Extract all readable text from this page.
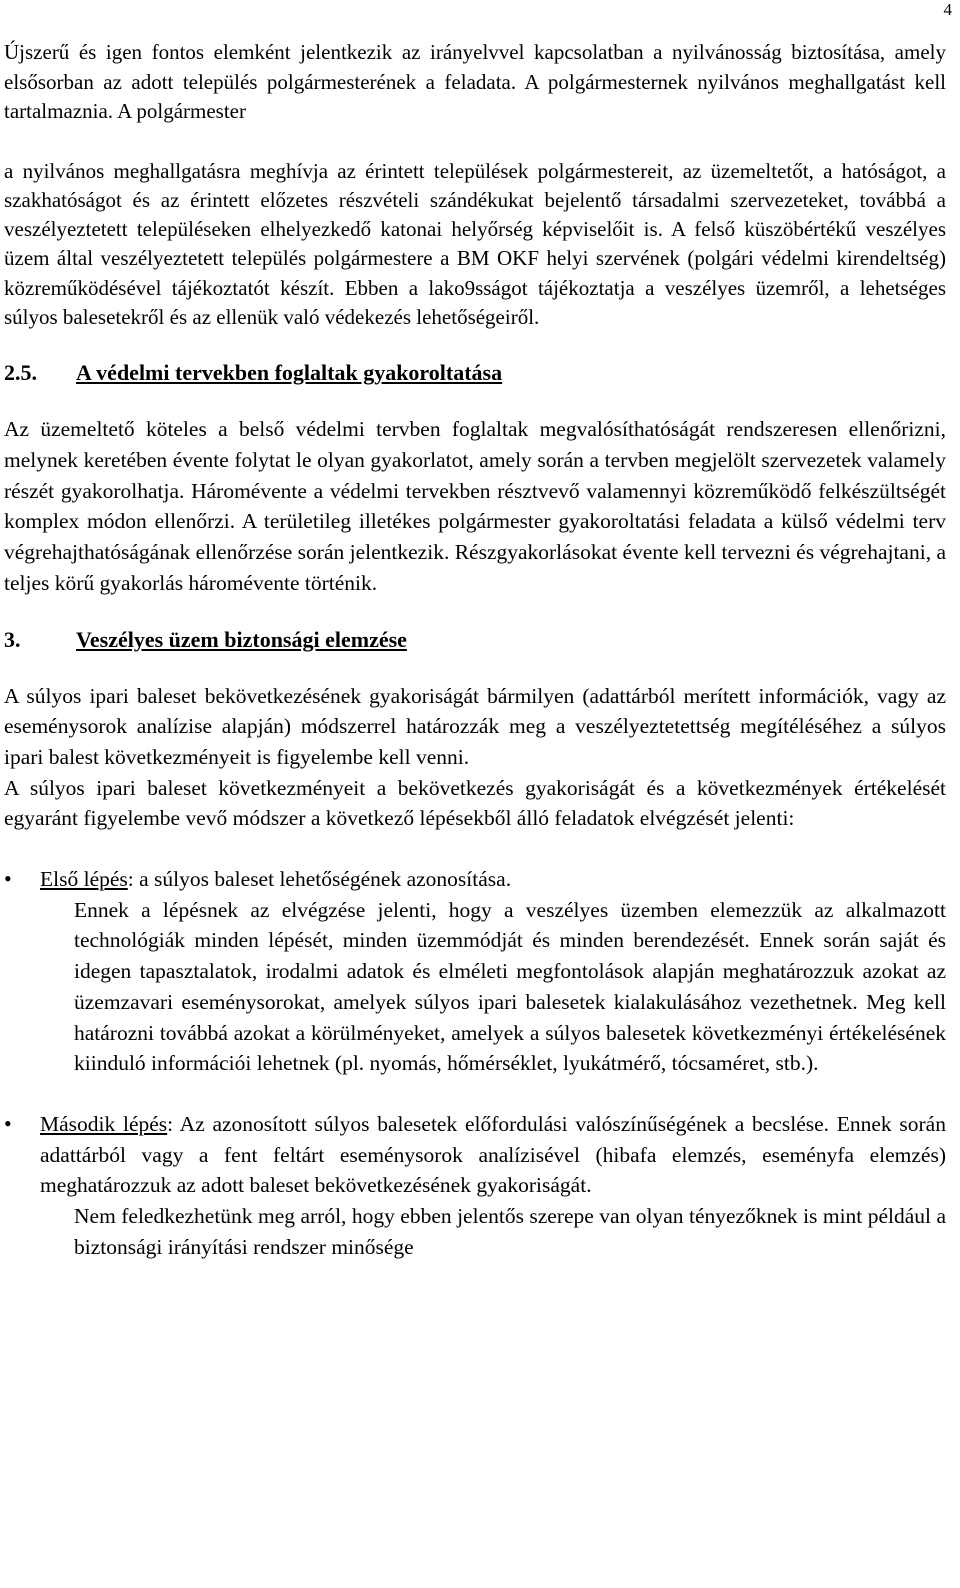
4

Újszerű és igen fontos elemként jelentkezik az irányelvvel kapcsolatban a nyilvánosság biztosítása, amely elsősorban az adott település polgármesterének a feladata. A polgármesternek nyilvános meghallgatást kell tartalmaznia. A polgármester

a nyilvános meghallgatásra meghívja az érintett települések polgármestereit, az üzemeltetőt, a hatóságot, a szakhatóságot és az érintett előzetes részvételi szándékukat bejelentő társadalmi szervezeteket, továbbá a veszélyeztetett településeken elhelyezkedő katonai helyőrség képviselőit is. A felső küszöbértékű veszélyes üzem által veszélyeztetett település polgármestere a BM OKF helyi szervének (polgári védelmi kirendeltség) közreműködésével tájékoztatót készít. Ebben a lako9sságot tájékoztatja a veszélyes üzemről, a lehetséges súlyos balesetekről és az ellenük való védekezés lehetőségeiről.

2.5.	A védelmi tervekben foglaltak gyakoroltatása

Az üzemeltető köteles a belső védelmi tervben foglaltak megvalósíthatóságát rendszeresen ellenőrizni, melynek keretében évente folytat le olyan gyakorlatot, amely során a tervben megjelölt szervezetek valamely részét gyakorolhatja. Háromévente a védelmi tervekben résztvevő valamennyi közreműködő felkészültségét komplex módon ellenőrzi. A területileg illetékes polgármester gyakoroltatási feladata a külső védelmi terv végrehajthatóságának ellenőrzése során jelentkezik. Részgyakorlásokat évente kell tervezni és végrehajtani, a teljes körű gyakorlás háromévente történik.

3.	Veszélyes üzem biztonsági elemzése

A súlyos ipari baleset bekövetkezésének gyakoriságát bármilyen (adattárból merített információk, vagy az eseménysorok analízise alapján) módszerrel határozzák meg a veszélyeztetettség megítéléséhez a súlyos ipari balest következményeit is figyelembe kell venni.

A súlyos ipari baleset következményeit a bekövetkezés gyakoriságát és a következmények értékelését egyaránt figyelembe vevő módszer a következő lépésekből álló feladatok elvégzését jelenti:

• Első lépés: a súlyos baleset lehetőségének azonosítása.

Ennek a lépésnek az elvégzése jelenti, hogy a veszélyes üzemben elemezzük az alkalmazott technológiák minden lépését, minden üzemmódját és minden berendezését. Ennek során saját és idegen tapasztalatok, irodalmi adatok és elméleti megfontolások alapján meghatározzuk azokat az üzemzavari eseménysorokat, amelyek súlyos ipari balesetek kialakulásához vezethetnek. Meg kell határozni továbbá azokat a körülményeket, amelyek a súlyos balesetek következményi értékelésének kiinduló információi lehetnek (pl. nyomás, hőmérséklet, lyukátmérő, tócsaméret, stb.).

• Második lépés: Az azonosított súlyos balesetek előfordulási valószínűségének a becslése. Ennek során adattárból vagy a fent feltárt eseménysorok analízisével (hibafa elemzés, eseményfa elemzés) meghatározzuk az adott baleset bekövetkezésének gyakoriságát.

Nem feledkezhetünk meg arról, hogy ebben jelentős szerepe van olyan tényezőknek is mint például a biztonsági irányítási rendszer minősége
